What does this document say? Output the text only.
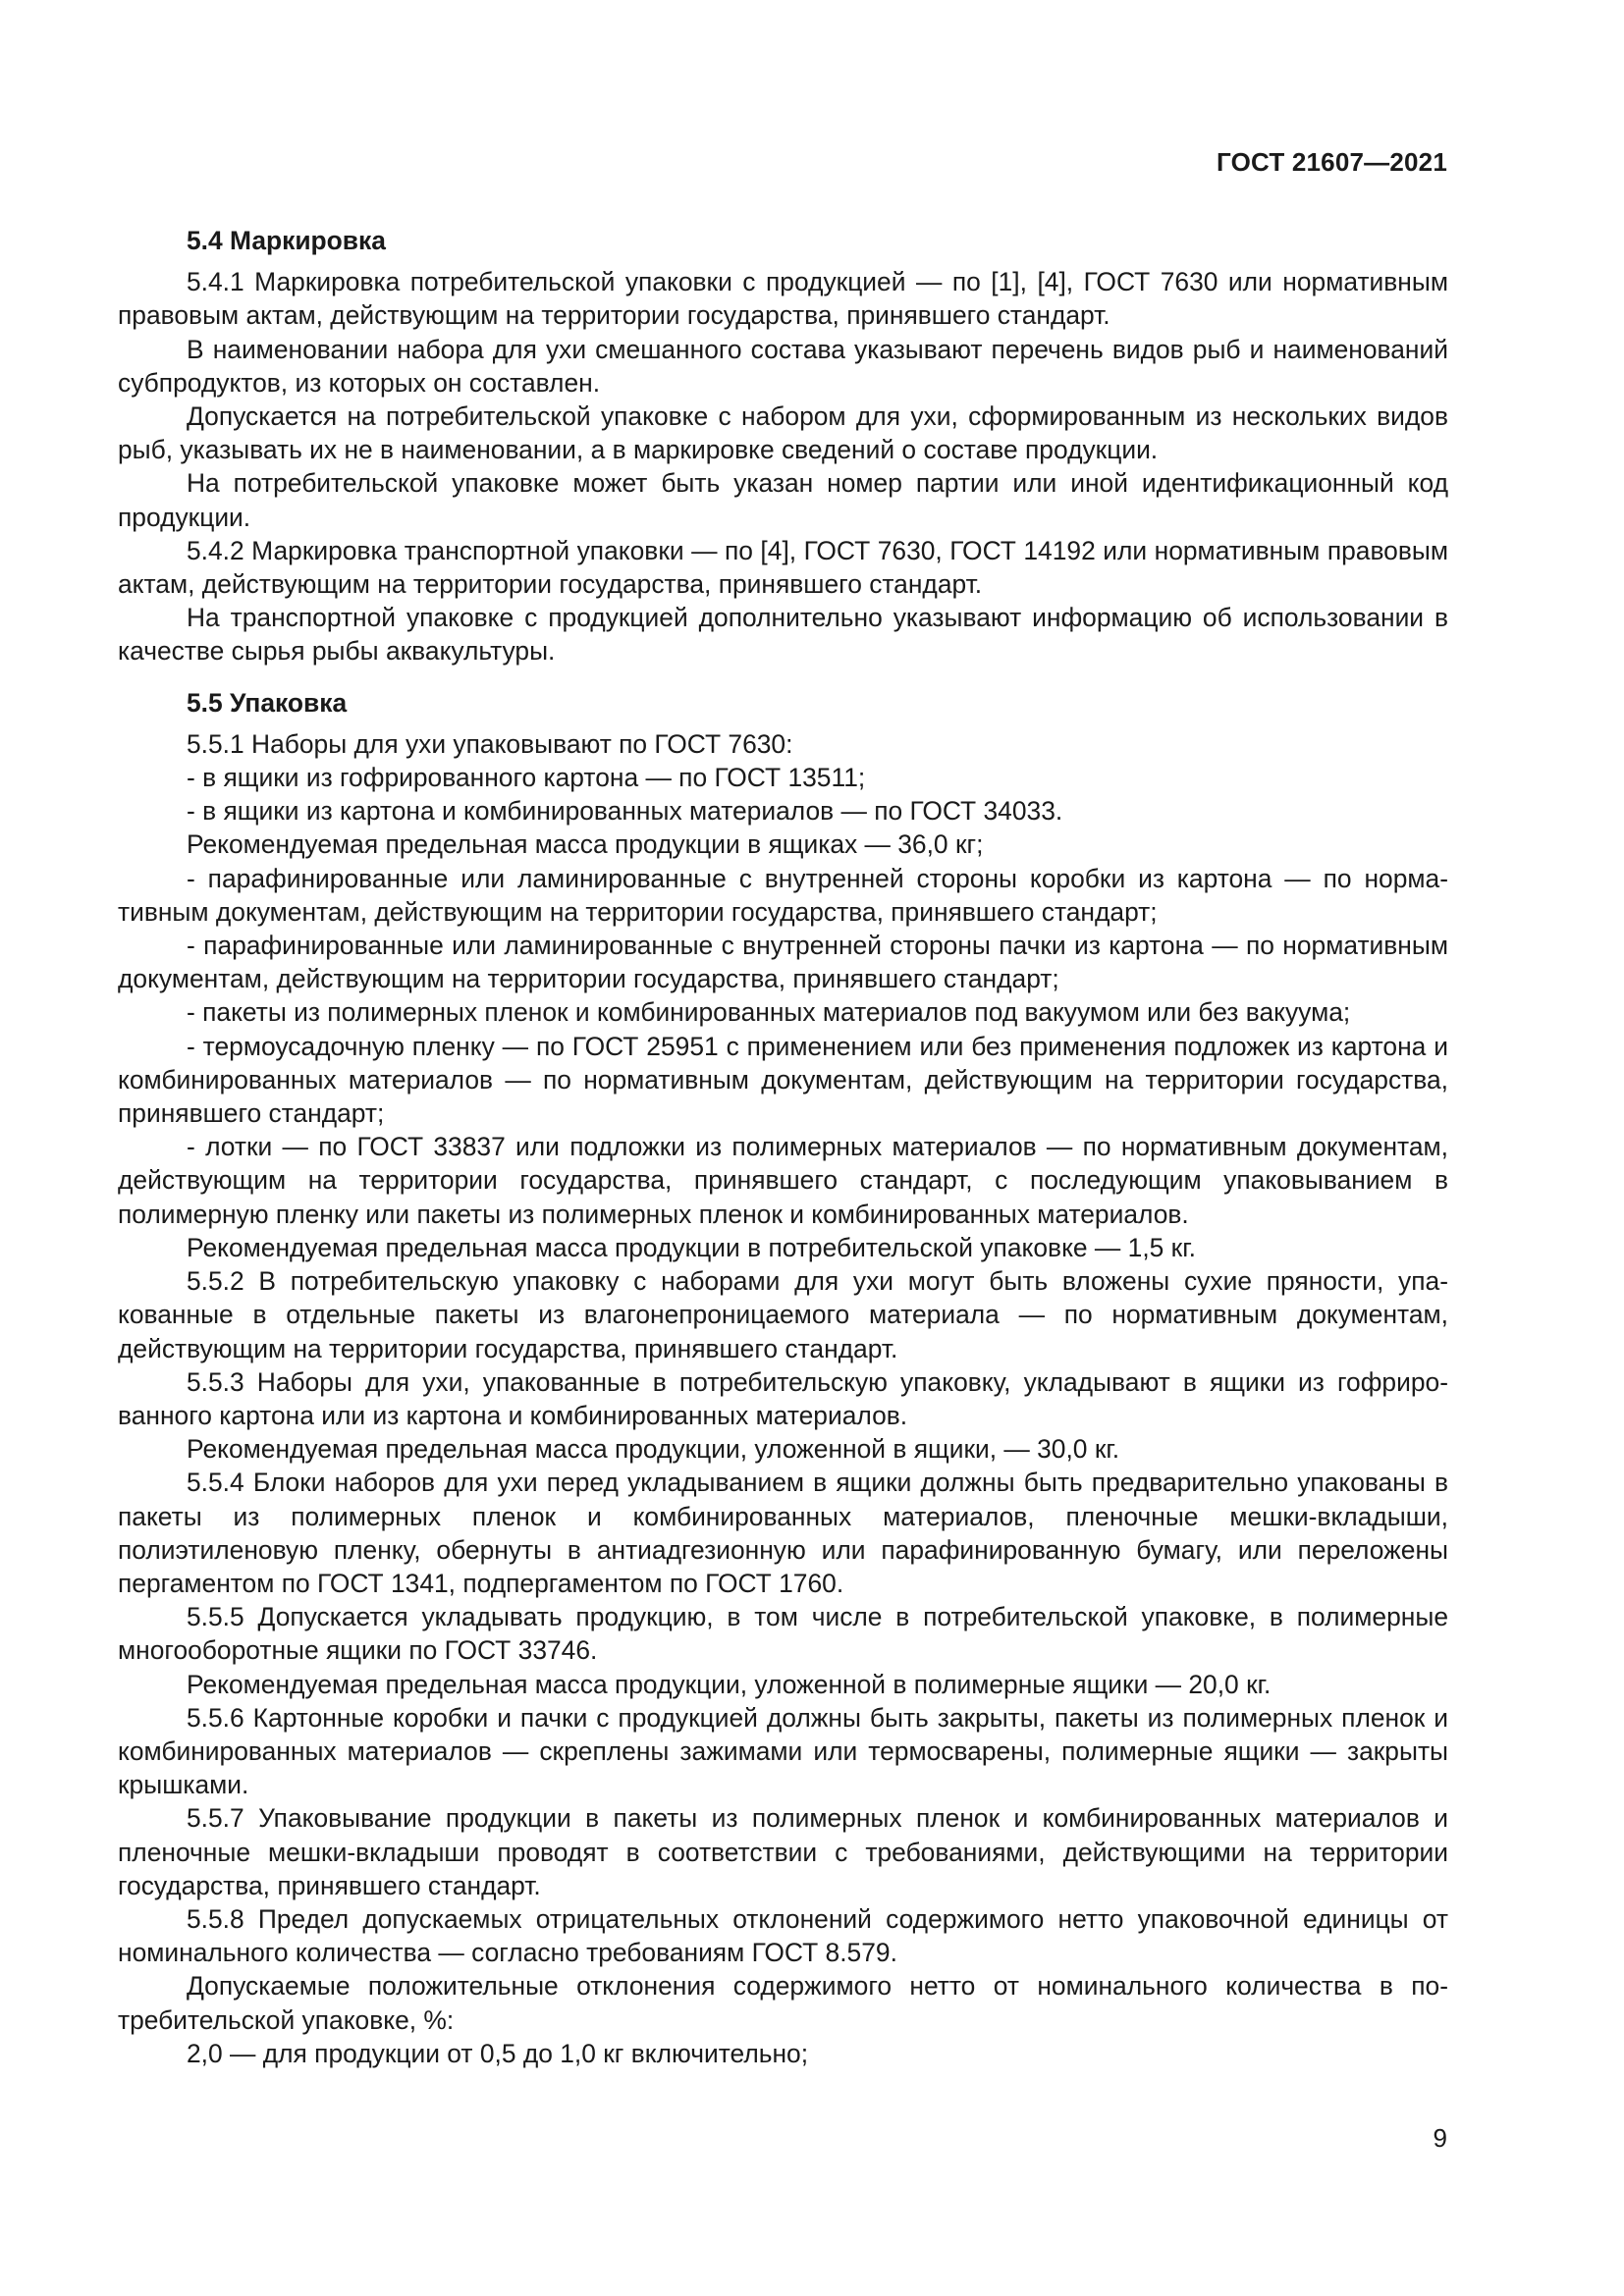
ГОСТ 21607—2021

5.4 Маркировка

5.4.1 Маркировка потребительской упаковки с продукцией — по [1], [4], ГОСТ 7630 или нормативным правовым актам, действующим на территории государства, принявшего стандарт.

В наименовании набора для ухи смешанного состава указывают перечень видов рыб и наименований субпродуктов, из которых он составлен.

Допускается на потребительской упаковке с набором для ухи, сформированным из нескольких видов рыб, указывать их не в наименовании, а в маркировке сведений о составе продукции.

На потребительской упаковке может быть указан номер партии или иной идентификационный код продукции.

5.4.2 Маркировка транспортной упаковки — по [4], ГОСТ 7630, ГОСТ 14192 или нормативным правовым актам, действующим на территории государства, принявшего стандарт.

На транспортной упаковке с продукцией дополнительно указывают информацию об использовании в качестве сырья рыбы аквакультуры.

5.5 Упаковка

5.5.1 Наборы для ухи упаковывают по ГОСТ 7630:

- в ящики из гофрированного картона — по ГОСТ 13511;

- в ящики из картона и комбинированных материалов — по ГОСТ 34033.

Рекомендуемая предельная масса продукции в ящиках — 36,0 кг;

- парафинированные или ламинированные с внутренней стороны коробки из картона — по нормативным документам, действующим на территории государства, принявшего стандарт;

- парафинированные или ламинированные с внутренней стороны пачки из картона — по нормативным документам, действующим на территории государства, принявшего стандарт;

- пакеты из полимерных пленок и комбинированных материалов под вакуумом или без вакуума;

- термоусадочную пленку — по ГОСТ 25951 с применением или без применения подложек из картона и комбинированных материалов — по нормативным документам, действующим на территории государства, принявшего стандарт;

- лотки — по ГОСТ 33837 или подложки из полимерных материалов — по нормативным документам, действующим на территории государства, принявшего стандарт, с последующим упаковыванием в полимерную пленку или пакеты из полимерных пленок и комбинированных материалов.

Рекомендуемая предельная масса продукции в потребительской упаковке — 1,5 кг.

5.5.2 В потребительскую упаковку с наборами для ухи могут быть вложены сухие пряности, упакованные в отдельные пакеты из влагонепроницаемого материала — по нормативным документам, действующим на территории государства, принявшего стандарт.

5.5.3 Наборы для ухи, упакованные в потребительскую упаковку, укладывают в ящики из гофрированного картона или из картона и комбинированных материалов.

Рекомендуемая предельная масса продукции, уложенной в ящики, — 30,0 кг.

5.5.4 Блоки наборов для ухи перед укладыванием в ящики должны быть предварительно упакованы в пакеты из полимерных пленок и комбинированных материалов, пленочные мешки-вкладыши, полиэтиленовую пленку, обернуты в антиадгезионную или парафинированную бумагу, или переложены пергаментом по ГОСТ 1341, подпергаментом по ГОСТ 1760.

5.5.5 Допускается укладывать продукцию, в том числе в потребительской упаковке, в полимерные многооборотные ящики по ГОСТ 33746.

Рекомендуемая предельная масса продукции, уложенной в полимерные ящики — 20,0 кг.

5.5.6 Картонные коробки и пачки с продукцией должны быть закрыты, пакеты из полимерных пленок и комбинированных материалов — скреплены зажимами или термосварены, полимерные ящики — закрыты крышками.

5.5.7 Упаковывание продукции в пакеты из полимерных пленок и комбинированных материалов и пленочные мешки-вкладыши проводят в соответствии с требованиями, действующими на территории государства, принявшего стандарт.

5.5.8 Предел допускаемых отрицательных отклонений содержимого нетто упаковочной единицы от номинального количества — согласно требованиям ГОСТ 8.579.

Допускаемые положительные отклонения содержимого нетто от номинального количества в потребительской упаковке, %:

2,0 — для продукции от 0,5 до 1,0 кг включительно;

9
